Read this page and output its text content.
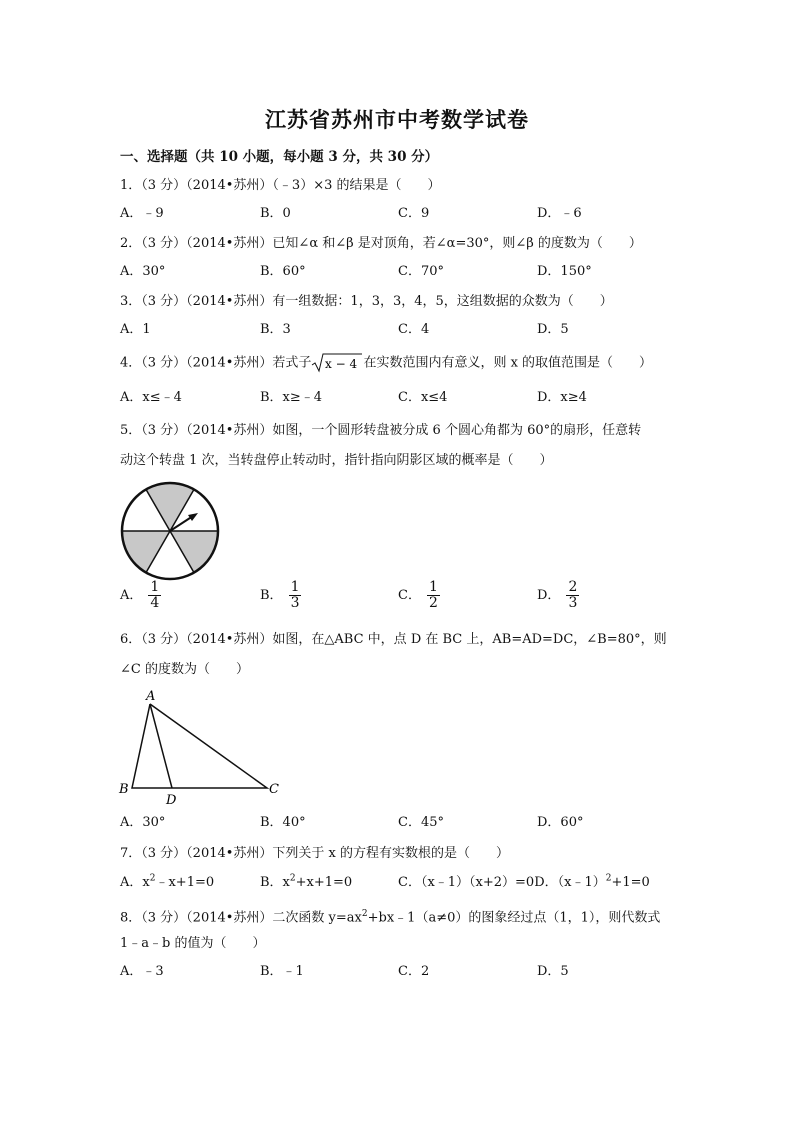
江苏省苏州市中考数学试卷
一、选择题（共 10 小题，每小题 3 分，共 30 分）
1．（3 分）（2014•苏州）（﹣3）×3 的结果是（　　）
A．﹣9	B．0	C．9	D．﹣6
2．（3 分）（2014•苏州）已知∠α 和∠β 是对顶角，若∠α=30°，则∠β 的度数为（　　）
A．30°	B．60°	C．70°	D．150°
3．（3 分）（2014•苏州）有一组数据：1，3，3，4，5，这组数据的众数为（　　）
A．1	B．3	C．4	D．5
4．（3 分）（2014•苏州）若式子 x − 4 在实数范围内有意义，则 x 的取值范围是（　　）
A．x≤﹣4	B．x≥﹣4	C．x≤4	D．x≥4
5．（3 分）（2014•苏州）如图，一个圆形转盘被分成 6 个圆心角都为 60°的扇形，任意转
动这个转盘 1 次，当转盘停止转动时，指针指向阴影区域的概率是（　　）
A． $\frac{1}{4}$	B． $\frac{1}{3}$	C． $\frac{1}{2}$	D． $\frac{2}{3}$
6．（3 分）（2014•苏州）如图，在△ABC 中，点 D 在 BC 上，AB=AD=DC，∠B=80°，则
∠C 的度数为（　　）
A
B
D
C
A．30°	B．40°	C．45°	D．60°
7．（3 分）（2014•苏州）下列关于 x 的方程有实数根的是（　　）
A．$x^2﹣x+1=0$	B．$x^2+x+1=0$	C．（x﹣1）（x+2）=0D．（x﹣1）$^2$+1=0
8．（3 分）（2014•苏州）二次函数 $y=ax^2+bx﹣1(a\ne 0)$的图象经过点（1，1），则代数式
1﹣a﹣b 的值为（　　）
A．﹣3	B．﹣1	C．2	D．5
